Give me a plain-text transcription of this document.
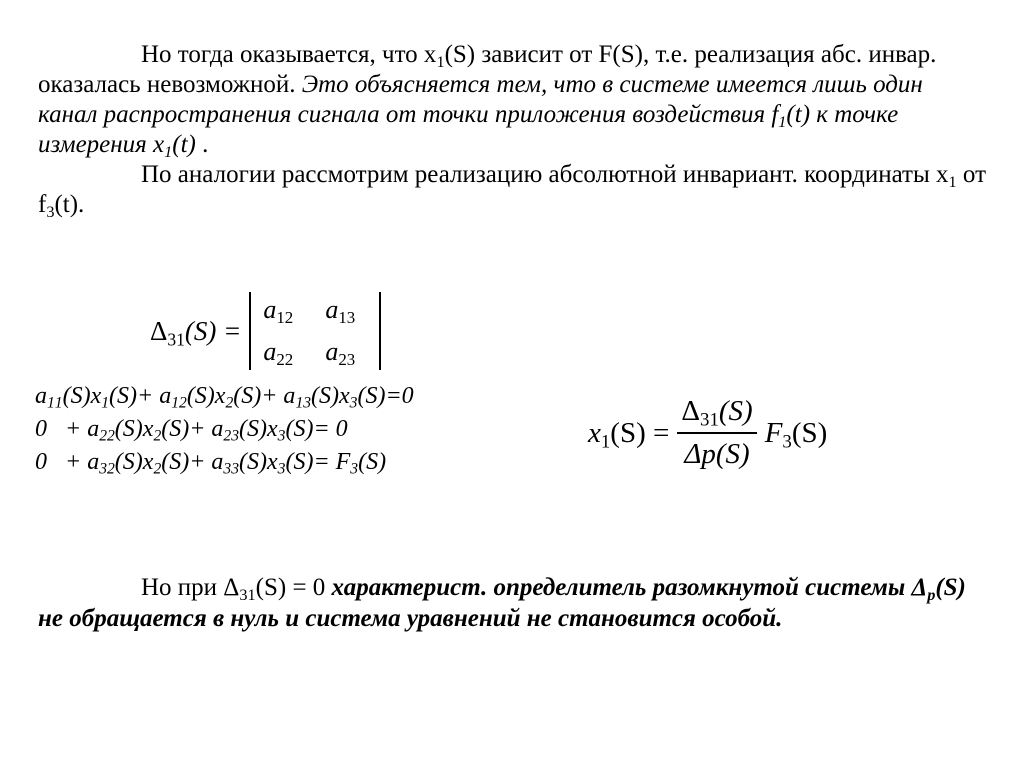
Но тогда оказывается, что $x_1(S)$ зависит от F(S), т.е. реализация абс. инвар. оказалась невозможной. Это объясняется тем, что в системе имеется лишь один канал распространения сигнала от точки приложения воздействия $f_1(t)$ к точке измерения $x_1(t)$ .
По аналогии рассмотрим реализацию абсолютной инвариант. координаты $x_1$ от $f_3(t)$.

$\Delta_{31}(S)$ =
$a_{12}$	$a_{13}$
$a_{22}$	$a_{23}$
$a_{11}(S)x_1(S)+ a_{12}(S)x_2(S)+ a_{13}(S)x_3(S)=0$
$0 + a_{22}(S)x_2(S)+ a_{23}(S)x_3(S)= 0$
$0 + a_{32}(S)x_2(S)+ a_{33}(S)x_3(S)= F_3(S)$
$x_1(S) = \frac{\Delta_{31}(S)}{\Delta p(S)} F_3(S)$

Но при $\Delta_{31}(S) = 0$ характерист. определитель разомкнутой системы $\Delta_p(S)$ не обращается в нуль и система уравнений не становится особой.
